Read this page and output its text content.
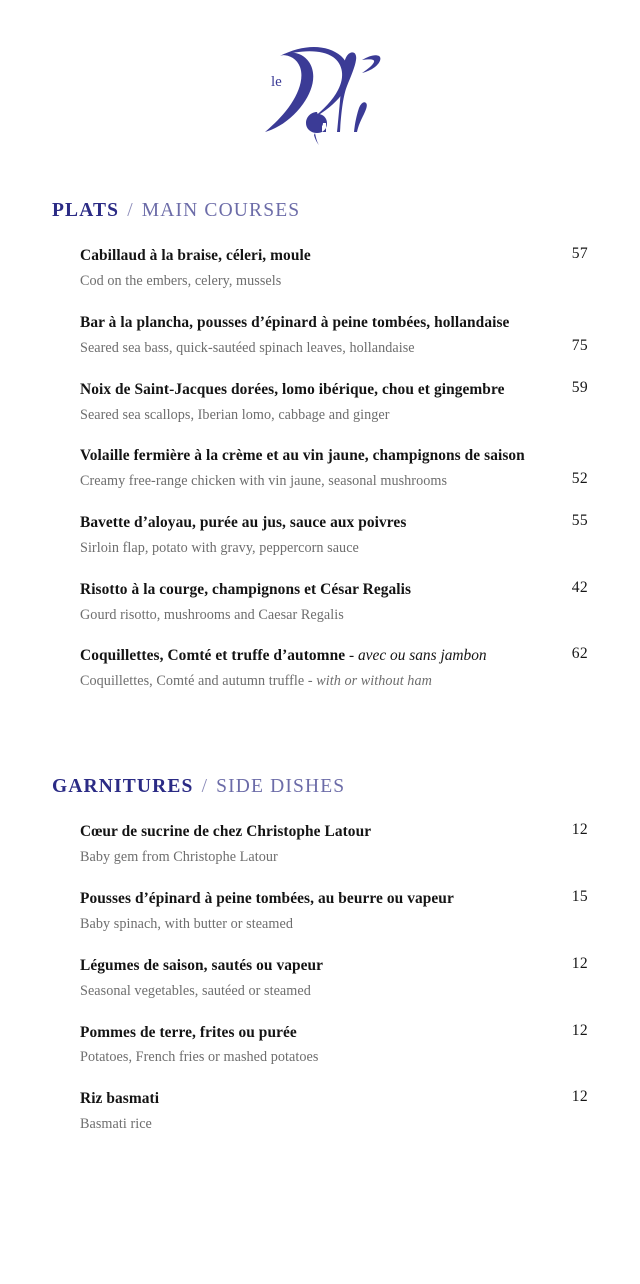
le
PLATS / MAIN COURSES
Cabillaud à la braise, céleri, moule
Cod on the embers, celery, mussels
57
Bar à la plancha, pousses d’épinard à peine tombées, hollandaise
Seared sea bass, quick-sautéed spinach leaves, hollandaise	75
Noix de Saint-Jacques dorées, lomo ibérique, chou et gingembre
Seared sea scallops, Iberian lomo, cabbage and ginger
59
Volaille fermière à la crème et au vin jaune, champignons de saison
Creamy free-range chicken with vin jaune, seasonal mushrooms	52
Bavette d’aloyau, purée au jus, sauce aux poivres
Sirloin flap, potato with gravy, peppercorn sauce
55
Risotto à la courge, champignons et César Regalis
Gourd risotto, mushrooms and Caesar Regalis
42
Coquillettes, Comté et truffe d’automne - avec ou sans jambon
Coquillettes, Comté and autumn truffle - with or without ham
62
GARNITURES / SIDE DISHES
Cœur de sucrine de chez Christophe Latour
Baby gem from Christophe Latour
12
Pousses d’épinard à peine tombées, au beurre ou vapeur
Baby spinach, with butter or steamed
15
Légumes de saison, sautés ou vapeur
Seasonal vegetables, sautéed or steamed
12
Pommes de terre, frites ou purée
Potatoes, French fries or mashed potatoes
12
Riz basmati
Basmati rice
12
